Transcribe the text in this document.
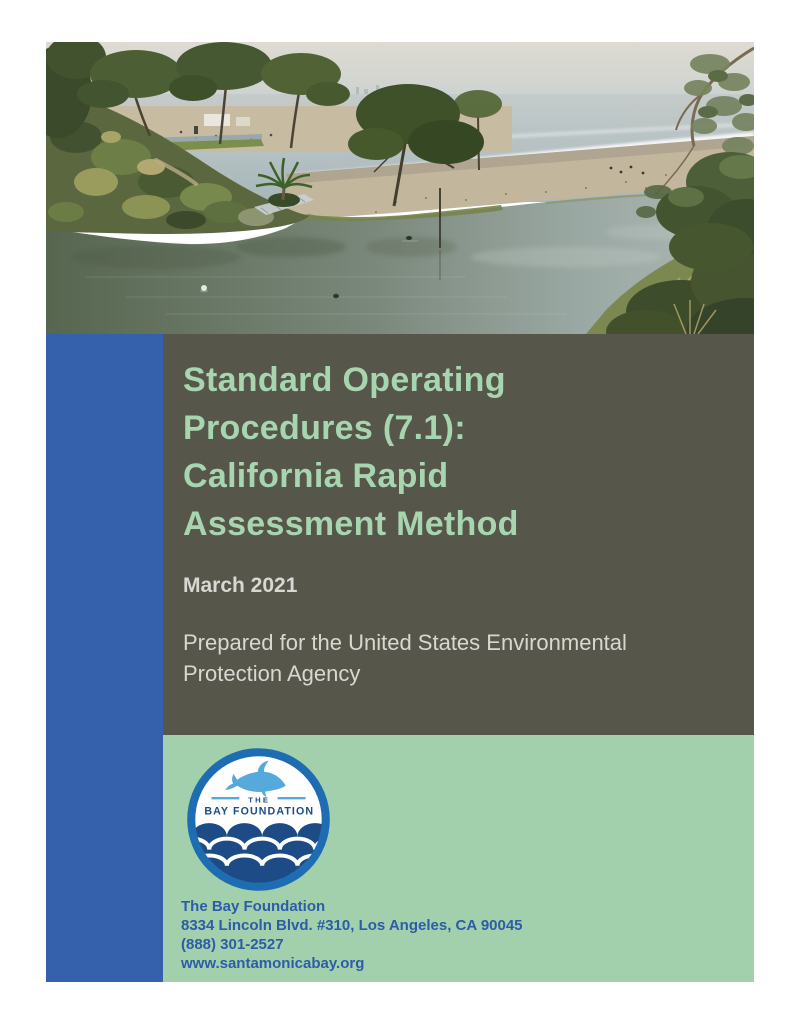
Standard Operating
Procedures (7.1):
California Rapid
Assessment Method
March 2021
Prepared for the United States Environmental
Protection Agency
THE
BAY FOUNDATION
The Bay Foundation
8334 Lincoln Blvd. #310, Los Angeles, CA 90045
(888) 301-2527
www.santamonicabay.org
